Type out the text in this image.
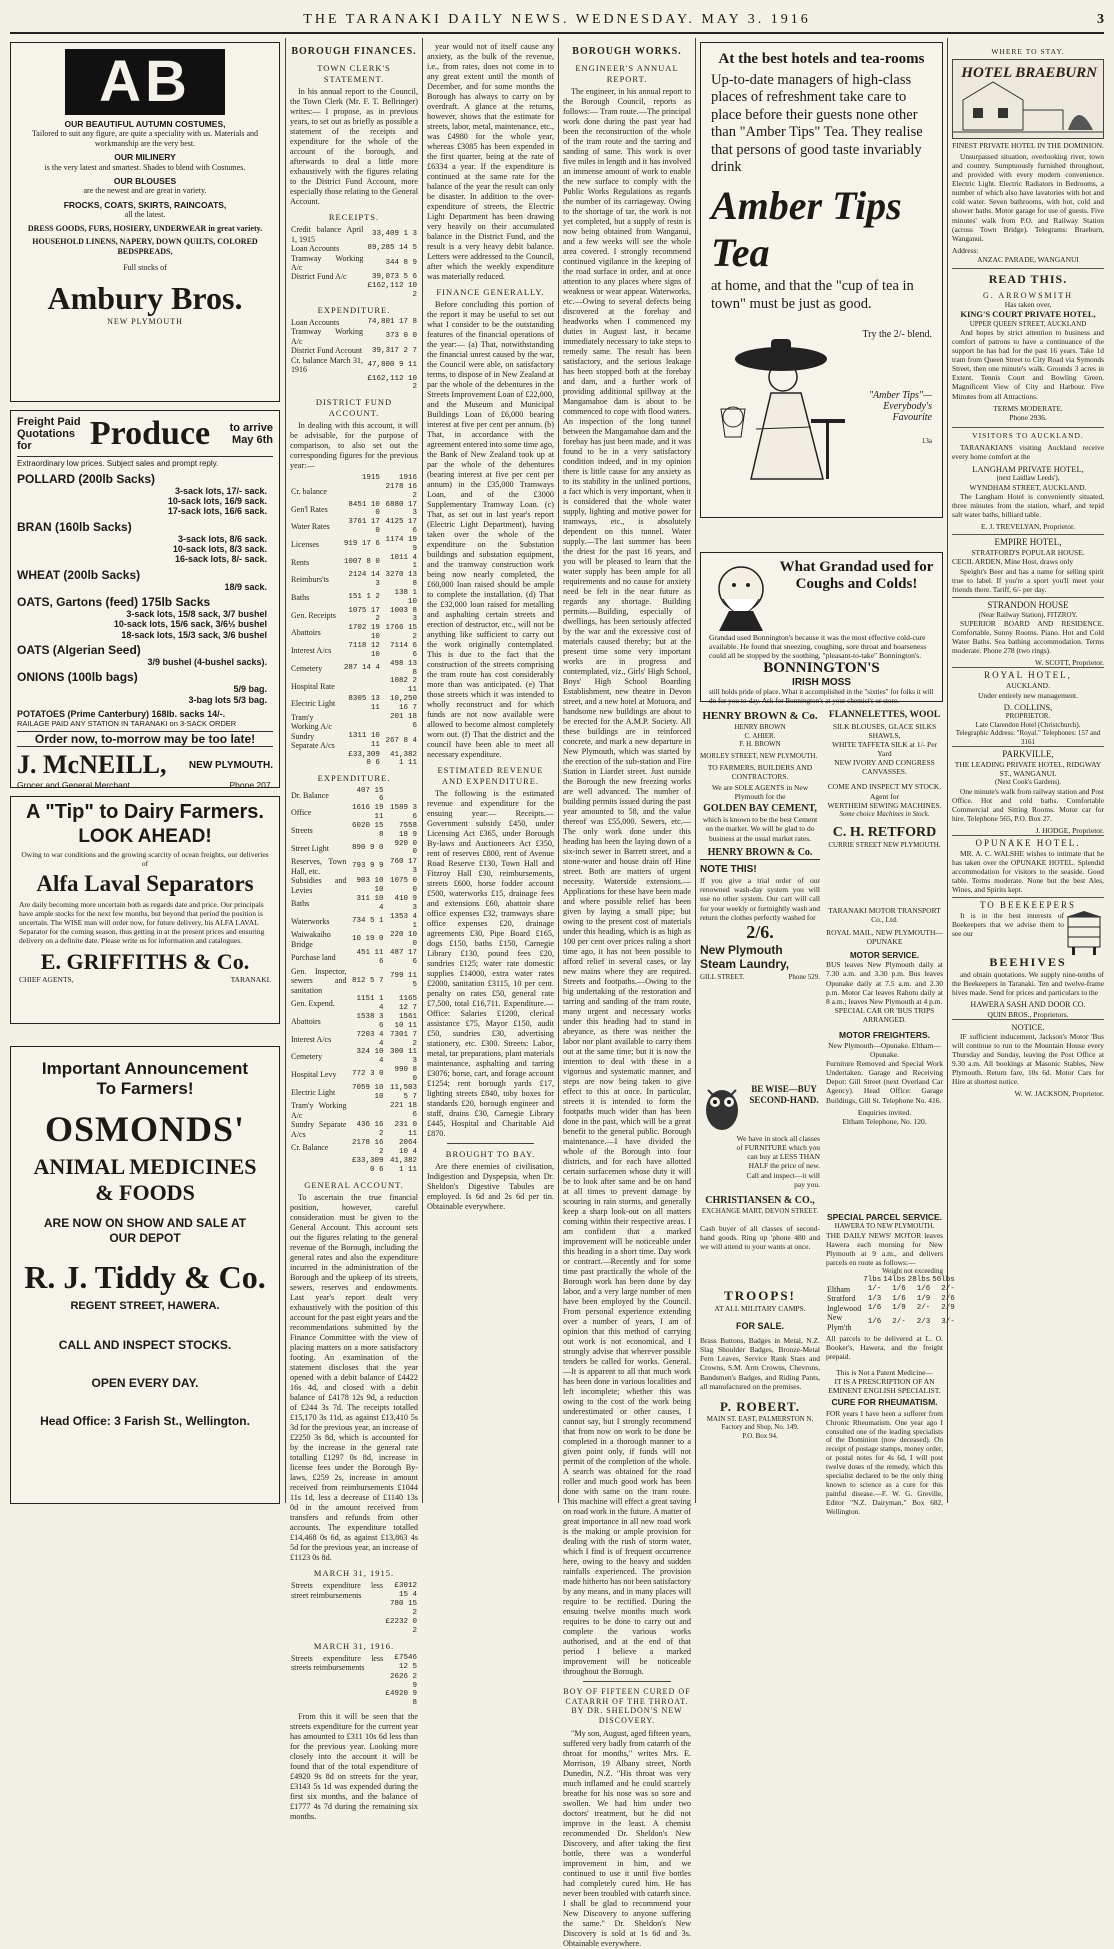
THE TARANAKI DAILY NEWS. WEDNESDAY. MAY 3. 1916	3
AB
OUR BEAUTIFUL AUTUMN COSTUMES,
Tailored to suit any figure, are quite a speciality with us. Materials and workmanship are the very best.
OUR MILINERY
is the very latest and smartest. Shades to blend with Costumes.
OUR BLOUSES
are the newest and are great in variety.
FROCKS, COATS, SKIRTS, RAINCOATS,
all the latest.
DRESS GOODS, FURS, HOSIERY, UNDERWEAR in great variety.
HOUSEHOLD LINENS, NAPERY, DOWN QUILTS, COLORED BEDSPREADS,
Full stocks of
Ambury Bros.
NEW PLYMOUTH
Freight Paid Quotations for	Produce	to arrive May 6th
Extraordinary low prices. Subject sales and prompt reply.
POLLARD (200lb Sacks)
3-sack lots, 17/- sack.
10-sack lots, 16/9 sack.
17-sack lots, 16/6 sack.
BRAN (160lb Sacks)
3-sack lots, 8/6 sack.
10-sack lots, 8/3 sack.
16-sack lots, 8/- sack.
WHEAT (200lb Sacks)
18/9 sack.
OATS, Gartons (feed) 175lb Sacks
3-sack lots, 15/8 sack, 3/7 bushel
10-sack lots, 15/6 sack, 3/6½ bushel
18-sack lots, 15/3 sack, 3/6 bushel
OATS (Algerian Seed)
3/9 bushel (4-bushel sacks).
ONIONS (100lb bags)
5/9 bag.
3-bag lots 5/3 bag.
POTATOES (Prime Canterbury) 168lb. sacks 14/-.
RAILAGE PAID ANY STATION IN TARANAKI on 3-SACK ORDER
Order now, to-morrow may be too late!
J. McNEILL, NEW PLYMOUTH.
Grocer and General Merchant.	Phone 207.
A "Tip" to Dairy Farmers.
LOOK AHEAD!
Owing to war conditions and the growing scarcity of ocean freights, our deliveries of
Alfa Laval Separators
Are daily becoming more uncertain both as regards date and price. Our principals have ample stocks for the next few months, but beyond that period the position is uncertain. The WISE man will order now, for future delivery, his ALFA LAVAL Separator for the coming season, thus getting in at the present prices and ensuring delivery on a definite date. Please write us for information and catalogues.
E. GRIFFITHS & Co.
CHIEF AGENTS,	TARANAKI.
Important Announcement To Farmers!
OSMONDS'
ANIMAL MEDICINES
& FOODS
ARE NOW ON SHOW AND SALE AT OUR DEPOT
R. J. Tiddy & Co.
REGENT STREET, HAWERA.
CALL AND INSPECT STOCKS.
OPEN EVERY DAY.
Head Office: 3 Farish St., Wellington.
BOROUGH FINANCES.
TOWN CLERK'S STATEMENT.

In his annual report to the Council, the Town Clerk (Mr. F. T. Bellringer) writes:— I propose, as in previous years, to set out as briefly as possible a statement of the receipts and expenditure for the whole of the account of the borough, and afterwards to deal a little more exhaustively with the figures relating to the District Fund Account, more especially those relating to the General Account.

RECEIPTS.
Credit balance April 1, 1915	33,409 1 3
Loan Accounts	89,285 14 5
Tramway Working A/c	344 8 9
District Fund A/c	39,073 5 6
	£162,112 10 2
EXPENDITURE.
Loan Accounts	74,801 17 8
Tramway Working A/c	373 0 0
District Fund Account	39,317 2 7
Cr. balance March 31, 1916	47,800 9 11
	£162,112 10 2
DISTRICT FUND ACCOUNT.

In dealing with this account, it will be advisable, for the purpose of comparison, to also set out the corresponding figures for the previous year:—

	1915	1916
Cr. balance		2178 16 2
Gen'l Rates	8451 10 0	6880 17 3
Water Rates	3761 17 0	4125 17 6
Licenses	919 17 6	1174 19 9
Rents	1007 8 0	1011 4 1
Reimburs'ts	2124 14 3	3270 13 8
Baths	151 1 2	138 1 10
Gen. Receipts	1075 17 2	1003 8 3
Abattoirs	1702 19 10	1766 15 2
Interest A/cs	7118 12 10	7114 6 6
Cemetery	287 14 4	498 13 8
Hospital Rate		1082 2 11
Electric Light	8305 13 11	10,250 16 7
Tram'y Working A/c		201 18 6
Sundry Separate A/cs	1311 10 11	267 8 4
	£33,309 0 6	41,382 1 11
EXPENDITURE.
Dr. Balance	407 15 6	
Office	1616 19 11	1589 3 6
Streets	6020 15 8	7558 18 9
Street Light	890 9 0	920 0 0
Reserves, Town Hall, etc.	793 9 9	760 17 3
Subsidies and Levies	903 10 10	1075 0 0
Baths	311 10 4	410 9 3
Waterworks	734 5 1	1353 4 1
Waiwakaiho Bridge	10 19 0	220 10 0
Purchase land	451 11 6	487 17 6
Gen. Inspector, sewers and sanitation	812 5 7	799 11 5
Gen. Expend.	1151 1 4	1165 12 7
Abattoirs	1538 3 6	1561 10 11
Interest A/cs	7203 4 4	7301 7 2
Cemetery	324 10 4	300 11 3
Hospital Levy	772 3 0	990 8 0
Electric Light	7059 10 10	11,503 5 7
Tram'y Working A/c		221 18 6
Sundry Separate A/cs	436 16 2	231 0 11
Cr. Balance	2178 16 2	2064 10 4
	£33,309 0 6	41,382 1 11
GENERAL ACCOUNT.

To ascertain the true financial position, however, careful consideration must be given to the General Account. This account sets out the figures relating to the general revenue of the Borough, including the general rates and also the expenditure incurred in the administration of the Borough and the upkeep of its streets, sewers, reserves and endowments. Last year's report dealt very exhaustively with the position of this account for the past eight years and the recommendations submitted by the Finance Committee with the view of placing matters on a more satisfactory footing. An examination of the statement discloses that the year opened with a debit balance of £4422 16s 4d, and closed with a debit balance of £4178 12s 9d, a reduction of £244 3s 7d. The receipts totalled £15,170 3s 11d, as against £13,410 5s 3d for the previous year, an increase of £2250 3s 8d, which is accounted for by the increase in the general rate totalling £1297 0s 8d, increase in license fees under the Borough By-laws, £259 2s, increase in amount received from reimbursements £1044 11s 1d, less a decrease of £1140 13s 0d in the amount received from transfers and refunds from other accounts. The expenditure totalled £14,468 0s 6d, as against £13,863 4s 5d for the previous year, an increase of £1123 0s 8d.

MARCH 31, 1915.
Streets expenditure less street reimbursements	£3012 15 4
	780 15 2
	£2232 0 2
MARCH 31, 1916.
Streets expenditure less streets reimbursements	£7546 12 5
	2626 2 9
	£4920 9 8

From this it will be seen that the streets expenditure for the current year has amounted to £311 10s 6d less than for the previous year. Looking more closely into the account it will be found that of the total expenditure of £4920 9s 8d on streets for the year, £3143 5s 1d was expended during the first six months, and the balance of £1777 4s 7d during the remaining six months.

year would not of itself cause any anxiety, as the bulk of the revenue, i.e., from rates, does not come in to any great extent until the month of December, and for some months the Borough has always to carry on by overdraft. A glance at the returns, however, shows that the estimate for streets, labor, metal, maintenance, etc., was £4980 for the whole year, whereas £3085 has been expended in the first quarter, being at the rate of £6334 a year. If the expenditure is continued at the same rate for the balance of the year the result can only be disaster. In addition to the over-expenditure of streets, the Electric Light Department has been drawing very heavily on their accumulated balance in the District Fund, and the result is a very heavy debit balance. Letters were addressed to the Council, after which the weekly expenditure was materially reduced.

FINANCE GENERALLY.

Before concluding this portion of the report it may be useful to set out what I consider to be the outstanding features of the financial operations of the year:— (a) That, notwithstanding the financial unrest caused by the war, the Council were able, on satisfactory terms, to dispose of in New Zealand at par the whole of the debentures in the Streets Improvement Loan of £22,000, and the Museum and Municipal Buildings Loan of £6,000 bearing interest at five per cent per annum. (b) That, in accordance with the agreement entered into some time ago, the Bank of New Zealand took up at par the whole of the debentures (bearing interest at five per cent per annum) in the £35,000 Tramways Loan, and of the £3000 Supplementary Tramway Loan. (c) That, as set out in last year's report (Electric Light Department), having taken over the whole of the expenditure on the Substation buildings and substation equipment, and the tramway construction work being now nearly completed, the £60,000 loan raised should be ample to complete the installation. (d) That the £32,000 loan raised for metalling and asphalting certain streets and erection of destructor, etc., will not be anything like sufficient to carry out the work originally contemplated. This is due to the fact that the construction of the streets comprising the tram route has cost considerably more than was anticipated. (e) That those streets which it was intended to wholly reconstruct and for which funds are not now available were allowed to become almost completely worn out. (f) That the district and the council have been able to meet all necessary expenditure.

ESTIMATED REVENUE AND EXPENDITURE.

The following is the estimated revenue and expenditure for the ensuing year:— Receipts.—Government subsidy £450, under Licensing Act £365, under Borough By-laws and Auctioneers Act £350, rent of reserves £800, rent of Avenue Road Reserve £130, Town Hall and Fitzroy Hall £30, reimbursements, streets £600, horse fodder account £500, waterworks £15, drainage fees and extensions £60, abattoir share office expenses £32, tramways share office expenses £20, drainage agreements £30, Pipe Board £165, dogs £150, baths £150, Carnegie Library £130, pound fees £20, sundries £125; water rate domestic supplies £14000, extra water rates £2000, sanitation £3115, 10 per cent. penalty on rates £50, general rate £7,500, total £16,711. Expenditure.—Office: Salaries £1200, clerical assistance £75, Mayor £150, audit £50, sundries £30, advertising stationery, etc. £300. Streets: Labor, metal, tar preparations, plant materials maintenance, asphalting and tarring £3076; horse, cart, and forage account £1254; rent borough yards £17, lighting streets £840, toby boxes for standards £20, borough engineer and staff, drains £30, Carnegie Library £445, Hospital and Charitable Aid £870.

BROUGHT TO BAY.

Are there enemies of civilisation, Indigestion and Dyspepsia, when Dr. Sheldon's Digestive Tabules are employed. Is 6d and 2s 6d per tin. Obtainable everywhere.

BOROUGH WORKS.
ENGINEER'S ANNUAL REPORT.

The engineer, in his annual report to the Borough Council, reports as follows:— Tram route.—The principal work done during the past year had been the reconstruction of the whole of the tram route and the tarring and sanding of same. This work is over five miles in length and it has involved an immense amount of work to enable the new surface to comply with the Public Works Regulations as regards the number of its carriageway. Owing to the shortage of tar, the work is not yet completed, but a supply of resin is now being obtained from Wanganui, and a few weeks will see the whole area covered. I strongly recommend continued vigilance in the keeping of the road surface in order, and at once attention to any places where signs of weakness or wear appear. Waterworks, etc.—Owing to several defects being discovered at the forebay and headworks when I commenced my duties in August last, it became immediately necessary to take steps to remedy same. The result has been satisfactory, and the serious leakage has been stopped both at the forebay and dam, and a further work of providing additional spillway at the Mangamahoe dam is about to be commenced to cope with flood waters. An inspection of the long tunnel between the Mangamahoe dam and the forebay has just been made, and it was found to be in a very satisfactory condition indeed, and in my opinion there is little cause for any anxiety as to its stability in the unlined portions, a fact which is very important, when it is considered that the whole water supply, lighting and motive power for tramways, etc., is absolutely dependent on this tunnel. Water supply.—The last summer has been the driest for the past 16 years, and you will be pleased to learn that the water supply has been ample for all requirements and no cause for anxiety need be felt in the near future as regards any shortage. Building permits.—Building, especially of dwellings, has been seriously affected by the war and the excessive cost of materials caused thereby; but at the present time some very important works are in progress and contemplated, viz., Girls' High School, Boys' High School Boarding Establishment, new theatre in Devon street, and a new hotel at Motuora, and handsome new buildings are about to be erected for the A.M.P. Society. All these buildings are in reinforced concrete, and mark a new departure in New Plymouth, which was started by the erection of the sub-station and Fire Station in Liardet street. Just outside the Borough the new freezing works are well advanced. The number of building permits issued during the past year amounted to 58, and the value thereof was £55,000. Sewers, etc.—The only work done under this heading has been the laying down of a six-inch sewer in Barrett street, and a stone-water and house drain off Hine street. Both are matters of urgent necessity. Waterside extensions.—Applications for these have been made and where possible relief has been given by laying a small pipe; but owing to the present cost of materials under this heading, which is as high as 100 per cent over prices ruling a short time ago, it has not been possible to afford relief in several cases, or lay new mains where they are required. Streets and footpaths.—Owing to the big undertaking of the restoration and tarring and sanding of the tram route, many urgent and necessary works under this heading had to stand in abeyance, as there was neither the labor nor plant available to carry them out at the same time; but it is now the intention to deal with these in a vigorous and systematic manner, and steps are now being taken to give effect to this at once. In particular, streets it is intended to form the footpaths much wider than has been done in the past, which will be a great benefit to the general public. Borough maintenance.—I have divided the whole of the Borough into four districts, and for each have allotted certain surfacemen whose duty it will be to look after same and be on hand at all times to prevent damage by scouring in rain storms, and generally keep a sharp look-out on all matters coming within their respective areas. I am confident that a marked improvement will be noticeable under this heading in a short time. Day work or contract.—Recently and for some time past practically the whole of the Borough work has been done by day labor, and a very large number of men have been employed by the Council. From personal experience extending over a number of years, I am of opinion that this method of carrying out work is not economical, and I strongly advise that wherever possible tenders be called for works. General.—It is apparent to all that much work has been done in various localities and left incomplete; whether this was owing to the cost of the work being underestimated or other causes, I cannot say, but I strongly recommend that from now on work to be done be completed in a thorough manner to a given point only, if funds will not permit of the completion of the whole. A search was obtained for the road roller and much good work has been done with same on the tram route. This machine will effect a great saving on road work in the future. A matter of great importance in all new road work is the making or ample provision for dealing with the rush of storm water, which I find is of frequent occurrence here, owing to the heavy and sudden rainfalls experienced. The provision made hitherto has not been satisfactory by any means, and in many places will require to be rectified. During the ensuing twelve months much work requires to be done to carry out and complete the various works authorised, and at the end of that period I believe a marked improvement will be noticeable throughout the Borough.

BOY OF FIFTEEN CURED OF CATARRH OF THE THROAT. BY DR. SHELDON'S NEW DISCOVERY.

"My son, August, aged fifteen years, suffered very badly from catarrh of the throat for months," writes Mrs. E. Morrison, 19 Albany street, North Dunedin, N.Z. "His throat was very much inflamed and he could scarcely breathe for his nose was so sore and swollen. We had him under two doctors' treatment, but he did not improve in the least. A chemist recommended Dr. Sheldon's New Discovery, and after taking the first bottle, there was a wonderful improvement in him, and we continued to use it until five bottles had completely cured him. He has never been troubled with catarrh since. I shall be glad to recommend your New Discovery to anyone suffering the same." Dr. Sheldon's New Discovery is sold at 1s 6d and 3s. Obtainable everywhere.

At the best hotels and tea-rooms
Up-to-date managers of high-class places of refreshment take care to place before their guests none other than "Amber Tips" Tea. They realise that persons of good taste invariably drink
Amber Tips Tea
at home, and that the "cup of tea in town" must be just as good.
Try the 2/- blend.
"Amber Tips"— Everybody's Favourite
13a
What Grandad used for Coughs and Colds!
Grandad used Bonnington's because it was the most effective cold-cure available. He found that sneezing, coughing, sore throat and hoarseness could all be stopped by the soothing, "pleasant-to-take" Bonnington's.
BONNINGTON'S
IRISH MOSS
still holds pride of place. What it accomplished in the "sixties" for folks it will do for you to-day. Ask for Bonnington's at your chemist's or store.
HENRY BROWN & Co.
HENRY BROWN
C. AHIER.
F. H. BROWN
MORLEY STREET, NEW PLYMOUTH.
TO FARMERS, BUILDERS AND CONTRACTORS.
We are SOLE AGENTS in New Plymouth for the
GOLDEN BAY CEMENT,
which is known to be the best Cement on the market. We will be glad to do business at the usual market rates.
HENRY BROWN & Co.
NOTE THIS!
If you give a trial order of our renowned wash-day system you will use no other system. Our cart will call for your weekly or fortnightly wash and return the clothes perfectly washed for
2/6.
New Plymouth Steam Laundry,
GILL STREET.	Phone 529.
FLANNELETTES, WOOL
SILK BLOUSES, GLACE SILKS SHAWLS,
WHITE TAFFETA SILK at 1/- Per Yard
NEW IVORY AND CONGRESS CANVASSES.
COME AND INSPECT MY STOCK.
Agent for
WERTHEIM SEWING MACHINES.
Some choice Machines in Stock.
C. H. RETFORD
CURRIE STREET NEW PLYMOUTH.
BE WISE—BUY SECOND-HAND.
We have in stock all classes of FURNITURE which you can buy at LESS THAN HALF the price of new. Call and inspect—it will pay you.
CHRISTIANSEN & CO.,
EXCHANGE MART, DEVON STREET.
Cash buyer of all classes of second-hand goods. Ring up 'phone 480 and we will attend to your wants at once.
TROOPS!
AT ALL MILITARY CAMPS.
FOR SALE.
Brass Buttons, Badges in Metal, N.Z. Slag Shoulder Badges, Bronze-Metal Fern Leaves, Service Rank Stars and Crowns, S.M. Arm Crowns, Chevrons, Bandsmen's Badges, and Riding Pants, all manufactured on the premises.
P. ROBERT.
MAIN ST. EAST, PALMERSTON N. Factory and Shop, No. 149.
P.O. Box 94.
TARANAKI MOTOR TRANSPORT Co., Ltd.
ROYAL MAIL, NEW PLYMOUTH—OPUNAKE
MOTOR SERVICE.
BUS leaves New Plymouth daily at 7.30 a.m. and 3.30 p.m. Bus leaves Opunake daily at 7.5 a.m. and 2.30 p.m. Motor Car leaves Rahotu daily at 8 a.m.; leaves New Plymouth at 4 p.m.
SPECIAL CAR OR 'BUS TRIPS ARRANGED.
MOTOR FREIGHTERS.
New Plymouth—Opunake. Eltham—Opunake.
Furniture Removed and Special Work Undertaken. Garage and Receiving Depot: Gill Street (next Overland Car Agency). Head Office: Garage Buildings, Gill St. Telephone No. 416.
Enquiries invited.
Eltham Telephone, No. 120.
SPECIAL PARCEL SERVICE.
HAWERA TO NEW PLYMOUTH.
THE DAILY NEWS' MOTOR leaves Hawera each morning for New Plymouth at 9 a.m., and delivers parcels en route as follows:—
Weight not exceeding
	7lbs	14lbs	28lbs	56lbs
Eltham	1/-	1/6	1/6	2/-
Stratford	1/3	1/6	1/9	2/6
Inglewood	1/6	1/9	2/-	2/9
New Plym'th	1/6	2/-	2/3	3/-
All parcels to be delivered at L. O. Booker's, Hawera, and the freight prepaid.
This is Not a Patent Medicine—
IT IS A PRESCRIPTION OF AN EMINENT ENGLISH SPECIALIST.
CURE FOR RHEUMATISM.
FOR years I have been a sufferer from Chronic Rheumatism. One year ago I consulted one of the leading specialists of the Dominion (now deceased). On receipt of postage stamps, money order, or postal notes for 4s 6d, I will post twelve doses of the remedy, which this specialist declared to be the only thing known to science as a cure for this painful disease.—F. W. G. Greville, Editor "N.Z. Dairyman," Box 682, Wellington.
WHERE TO STAY.
HOTEL BRAEBURN
FINEST PRIVATE HOTEL IN THE DOMINION.

Unsurpassed situation, overlooking river, town and country. Sumptuously furnished throughout, and provided with every modern convenience. Electric Light. Electric Radiators in Bedrooms, a number of which also have lavatories with hot and cold water. Seven bathrooms, with hot, cold and shower baths. Motor garage for use of guests. Five minutes' walk from P.O. and Railway Station (across Town Bridge). Telegrams: Braeburn, Wanganui.

Address:
ANZAC PARADE, WANGANUI
READ THIS.
G. ARROWSMITH
Has taken over,
KING'S COURT PRIVATE HOTEL,
UPPER QUEEN STREET, AUCKLAND

And hopes by strict attention to business and comfort of patrons to have a continuance of the support he has had for the past 16 years. Take 1d tram from Queen Street to City Road via Symonds Street, then one minute's walk. Grounds 3 acres in Extent. Tennis Court and Bowling Green. Magnificent View of City and Harbour. Five Minutes from all Attractions.

TERMS MODERATE.
Phone 2936.
VISITORS TO AUCKLAND.

TARANAKIANS visiting Auckland receive every home comfort at the

LANGHAM PRIVATE HOTEL,
(next Laidlaw Leeds'),
WYNDHAM STREET, AUCKLAND.

The Langham Hotel is conveniently situated, three minutes from the station, wharf, and tepid salt water baths, billiard table.

E. J. TREVELYAN, Proprietor.
EMPIRE HOTEL,
STRATFORD'S POPULAR HOUSE.
CECIL ARDEN, Mine Host, draws only

Speight's Beer and has a name for selling spirit true to label. If you're a sport you'll meet your friends there. Tariff, 6/- per day.

STRANDON HOUSE
(Near Railway Station), FITZROY.

SUPERIOR BOARD AND RESIDENCE. Comfortable, Sunny Rooms. Piano. Hot and Cold Water Baths. Sea bathing accommodation. Terms moderate. Phone 278 (two rings).

W. SCOTT, Proprietor.
ROYAL HOTEL,
AUCKLAND.
Under entirely new management.
D. COLLINS,
PROPRIETOR.
Late Clarendon Hotel (Christchurch).
Telegraphic Address: "Royal." Telephones: 157 and 3161
PARKVILLE,
THE LEADING PRIVATE HOTEL, RIDGWAY ST., WANGANUI.
(Next Cook's Gardens).

One minute's walk from railway station and Post Office. Hot and cold baths. Comfortable Commercial and Sitting Rooms. Motor car for hire. Telephone 565, P.O. Box 27.

J. HODGE, Proprietor.
OPUNAKE HOTEL.

MR. A. C. WALSHE wishes to intimate that he has taken over the OPUNAKE HOTEL. Splendid accommodation for visitors to the seaside. Good table. Terms moderate. None but the best Ales, Wines, and Spirits kept.

TO BEEKEEPERS

It is in the best interests of Beekeepers that we advise them to see our

BEEHIVES

and obtain quotations. We supply nine-tenths of the Beekeepers in Taranaki. Ten and twelve-frame hives made. Send for prices and particulars to the

HAWERA SASH AND DOOR CO.
QUIN BROS., Proprietors.
NOTICE.

IF sufficient inducement, Jackson's Motor 'Bus will continue to run to the Mountain House every Thursday and Sunday, leaving the Post Office at 9.30 a.m. All bookings at Masonic Stables, New Plymouth. Return fare, 10s 6d. Motor Cars for Hire at shortest notice.

W. W. JACKSON, Proprietor.
